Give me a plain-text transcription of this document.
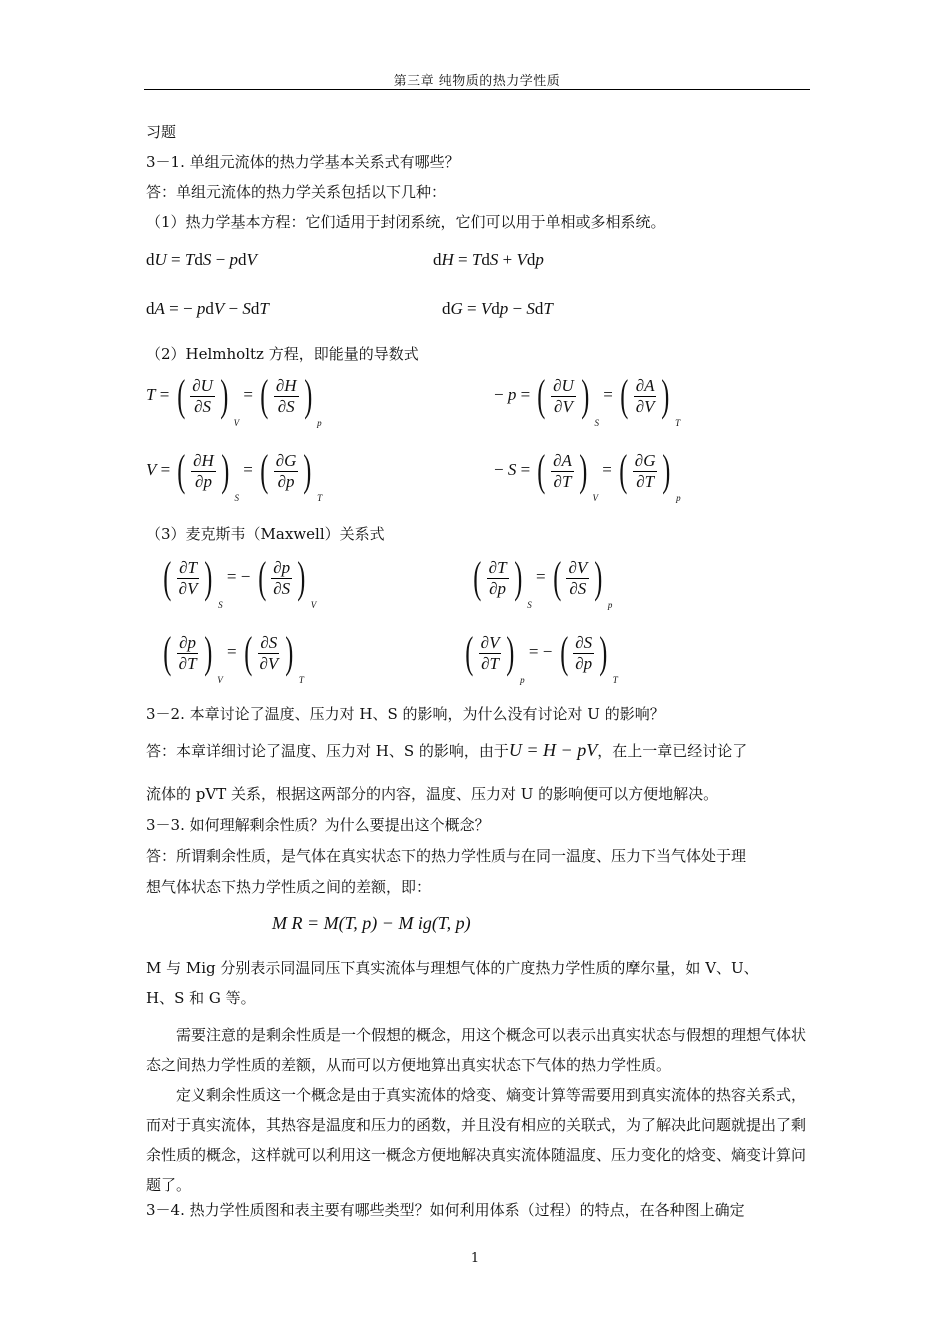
第三章 纯物质的热力学性质
习题
3－1. 单组元流体的热力学基本关系式有哪些？
答：单组元流体的热力学关系包括以下几种：
（1）热力学基本方程：它们适用于封闭系统，它们可以用于单相或多相系统。
dU = TdS − pdV	dH = TdS + Vdp
dA = − pdV − SdT	dG = Vdp − SdT
（2）Helmholtz 方程，即能量的导数式
T = ( $\frac{\partial U}{\partial S}$ )
V
= ( $\frac{\partial H}{\partial S}$ )
p
− p = ( $\frac{\partial U}{\partial V}$ )
S
= ( $\frac{\partial A}{\partial V}$ )
T
V = ( $\frac{\partial H}{\partial p}$ )
S
= ( $\frac{\partial G}{\partial p}$ )
T
− S = ( $\frac{\partial A}{\partial T}$ )
V
= ( $\frac{\partial G}{\partial T}$ )
p
（3）麦克斯韦（Maxwell）关系式
( $\frac{\partial T}{\partial V}$ )
S
= − ( $\frac{\partial p}{\partial S}$ )
V
( $\frac{\partial T}{\partial p}$ )
S
= ( $\frac{\partial V}{\partial S}$ )
p
( $\frac{\partial p}{\partial T}$ )
V
= ( $\frac{\partial S}{\partial V}$ )
T
( $\frac{\partial V}{\partial T}$ )
p
= − ( $\frac{\partial S}{\partial p}$ )
T
3－2. 本章讨论了温度、压力对 H、S 的影响，为什么没有讨论对 U 的影响？
答：本章详细讨论了温度、压力对 H、S 的影响，由于U = H − pV，在上一章已经讨论了
流体的 pVT 关系，根据这两部分的内容，温度、压力对 U 的影响便可以方便地解决。
3－3. 如何理解剩余性质？为什么要提出这个概念？
答：所谓剩余性质，是气体在真实状态下的热力学性质与在同一温度、压力下当气体处于理
想气体状态下热力学性质之间的差额，即：
M R = M(T, p) − M ig(T, p)
M 与 Mig 分别表示同温同压下真实流体与理想气体的广度热力学性质的摩尔量，如 V、U、
H、S 和 G 等。
需要注意的是剩余性质是一个假想的概念，用这个概念可以表示出真实状态与假想的理想气体状态之间热力学性质的差额，从而可以方便地算出真实状态下气体的热力学性质。
定义剩余性质这一个概念是由于真实流体的焓变、熵变计算等需要用到真实流体的热容关系式，而对于真实流体，其热容是温度和压力的函数，并且没有相应的关联式，为了解决此问题就提出了剩余性质的概念，这样就可以利用这一概念方便地解决真实流体随温度、压力变化的焓变、熵变计算问题了。
3－4. 热力学性质图和表主要有哪些类型？如何利用体系（过程）的特点，在各种图上确定
1
